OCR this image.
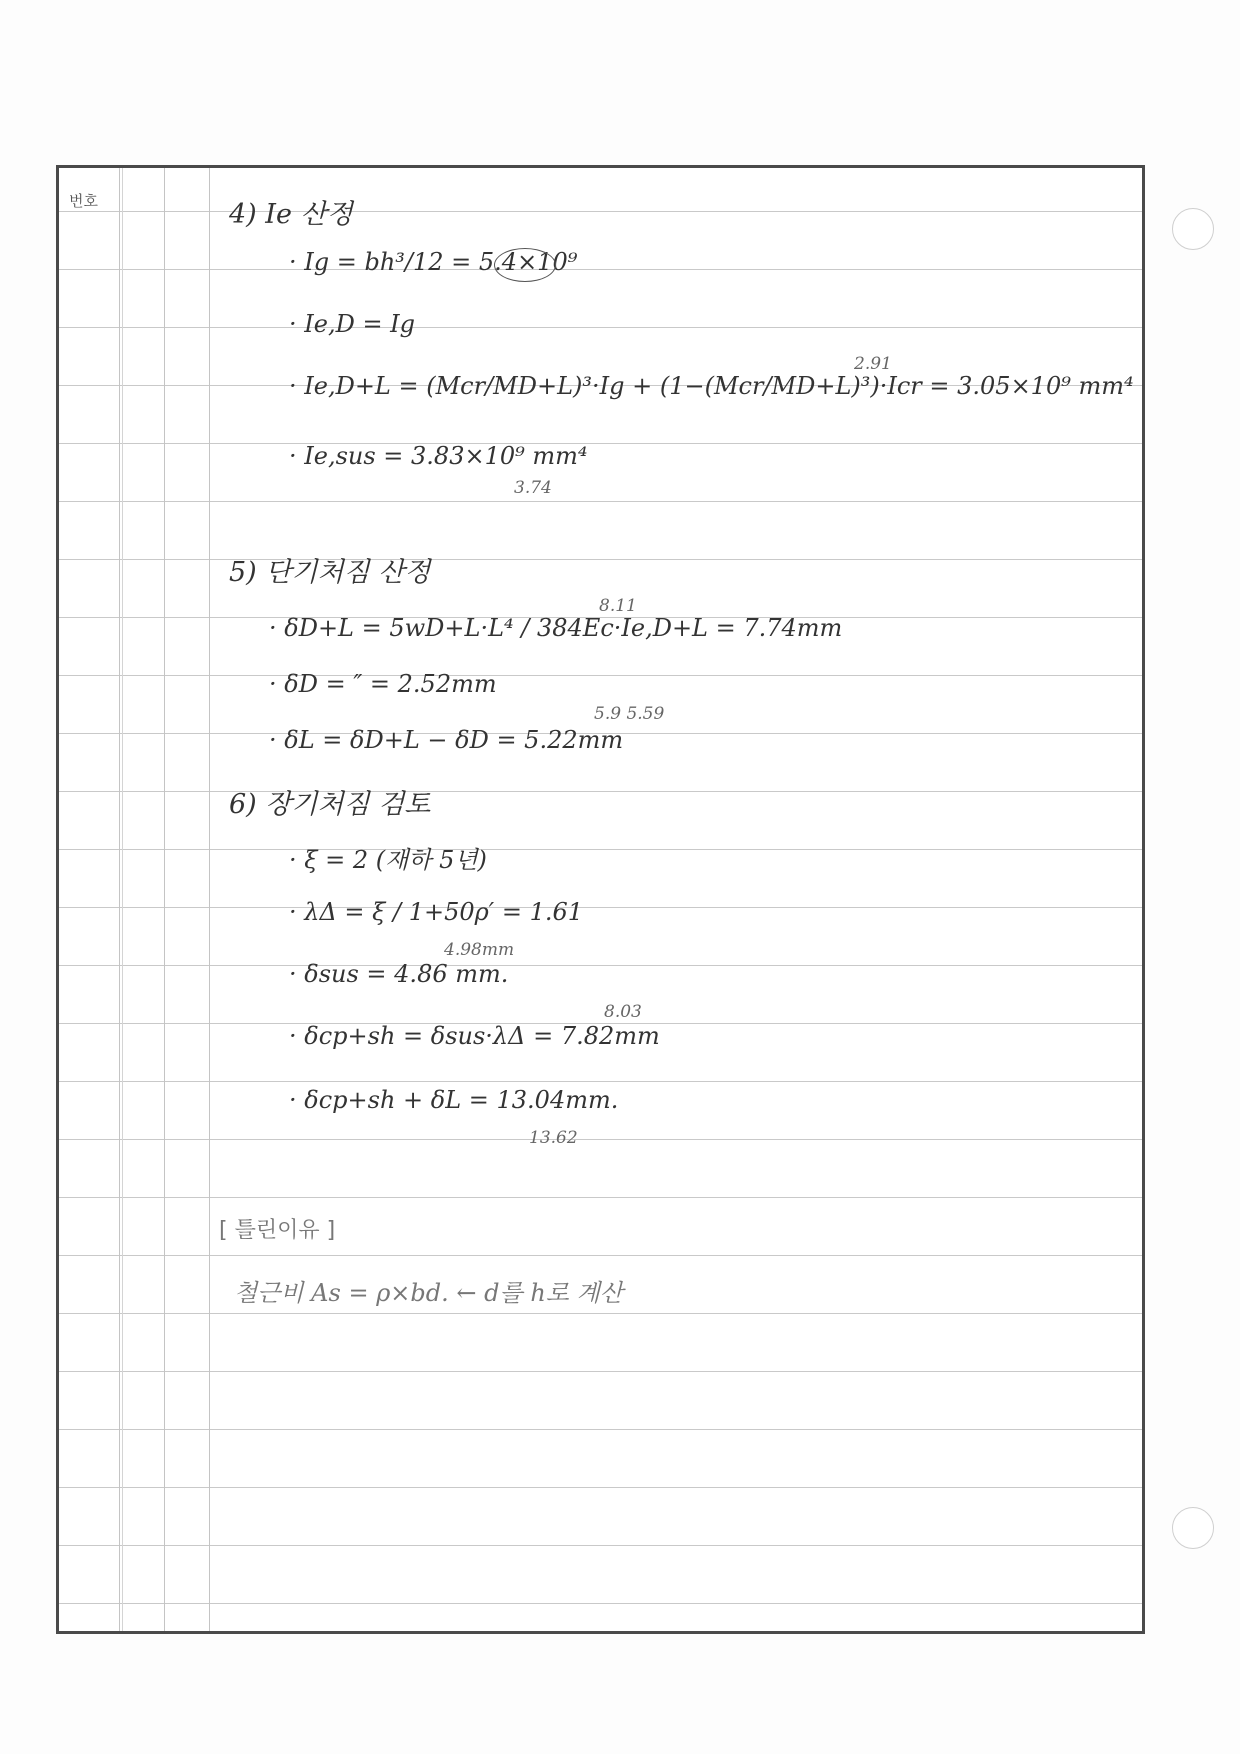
번호	4) Ie 산정
· Ig = bh³/12 = 5.4×10⁹
· Ie,D = Ig
2.91
· Ie,D+L = (Mcr/MD+L)³·Ig + (1−(Mcr/MD+L)³)·Icr = 3.05×10⁹ mm⁴
· Ie,sus = 3.83×10⁹ mm⁴
3.74
5) 단기처짐 산정
8.11
· δD+L = 5wD+L·L⁴ / 384Ec·Ie,D+L = 7.74mm
· δD = ″ = 2.52mm
5.9 5.59
· δL = δD+L − δD = 5.22mm
6) 장기처짐 검토
· ξ = 2 (재하 5년)
· λΔ = ξ / 1+50ρ′ = 1.61
4.98mm
· δsus = 4.86 mm.
8.03
· δcp+sh = δsus·λΔ = 7.82mm
· δcp+sh + δL = 13.04mm.
13.62
[ 틀린이유 ]
철근비 As = ρ×bd. ← d를 h로 계산
